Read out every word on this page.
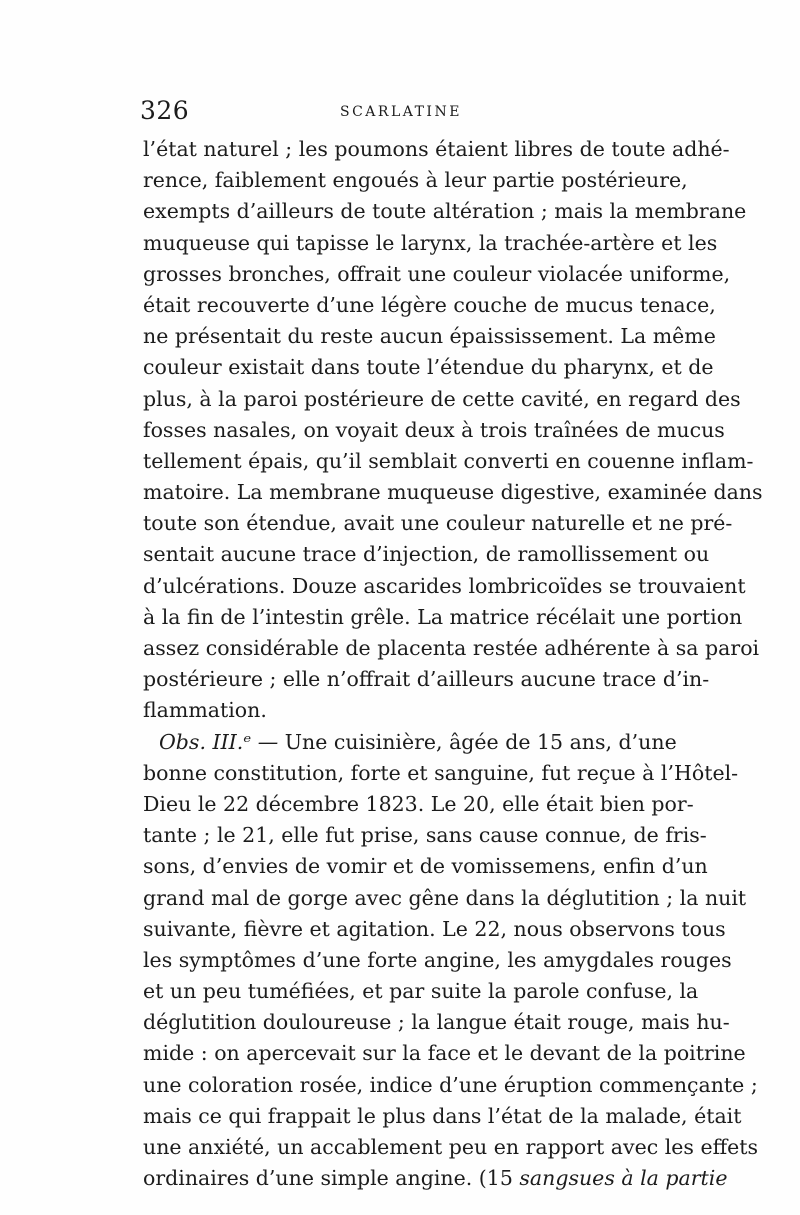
326	SCARLATINE
l’état naturel ; les poumons étaient libres de toute adhé-
rence, faiblement engoués à leur partie postérieure,
exempts d’ailleurs de toute altération ; mais la membrane
muqueuse qui tapisse le larynx, la trachée-artère et les
grosses bronches, offrait une couleur violacée uniforme,
était recouverte d’une légère couche de mucus tenace,
ne présentait du reste aucun épaississement. La même
couleur existait dans toute l’étendue du pharynx, et de
plus, à la paroi postérieure de cette cavité, en regard des
fosses nasales, on voyait deux à trois traînées de mucus
tellement épais, qu’il semblait converti en couenne inflam-
matoire. La membrane muqueuse digestive, examinée dans
toute son étendue, avait une couleur naturelle et ne pré-
sentait aucune trace d’injection, de ramollissement ou
d’ulcérations. Douze ascarides lombricoïdes se trouvaient
à la fin de l’intestin grêle. La matrice récélait une portion
assez considérable de placenta restée adhérente à sa paroi
postérieure ; elle n’offrait d’ailleurs aucune trace d’in-
flammation.
Obs. III.ᵉ — Une cuisinière, âgée de 15 ans, d’une
bonne constitution, forte et sanguine, fut reçue à l’Hôtel-
Dieu le 22 décembre 1823. Le 20, elle était bien por-
tante ; le 21, elle fut prise, sans cause connue, de fris-
sons, d’envies de vomir et de vomissemens, enfin d’un
grand mal de gorge avec gêne dans la déglutition ; la nuit
suivante, fièvre et agitation. Le 22, nous observons tous
les symptômes d’une forte angine, les amygdales rouges
et un peu tuméfiées, et par suite la parole confuse, la
déglutition douloureuse ; la langue était rouge, mais hu-
mide : on apercevait sur la face et le devant de la poitrine
une coloration rosée, indice d’une éruption commençante ;
mais ce qui frappait le plus dans l’état de la malade, était
une anxiété, un accablement peu en rapport avec les effets
ordinaires d’une simple angine. (15 sangsues à la partie
